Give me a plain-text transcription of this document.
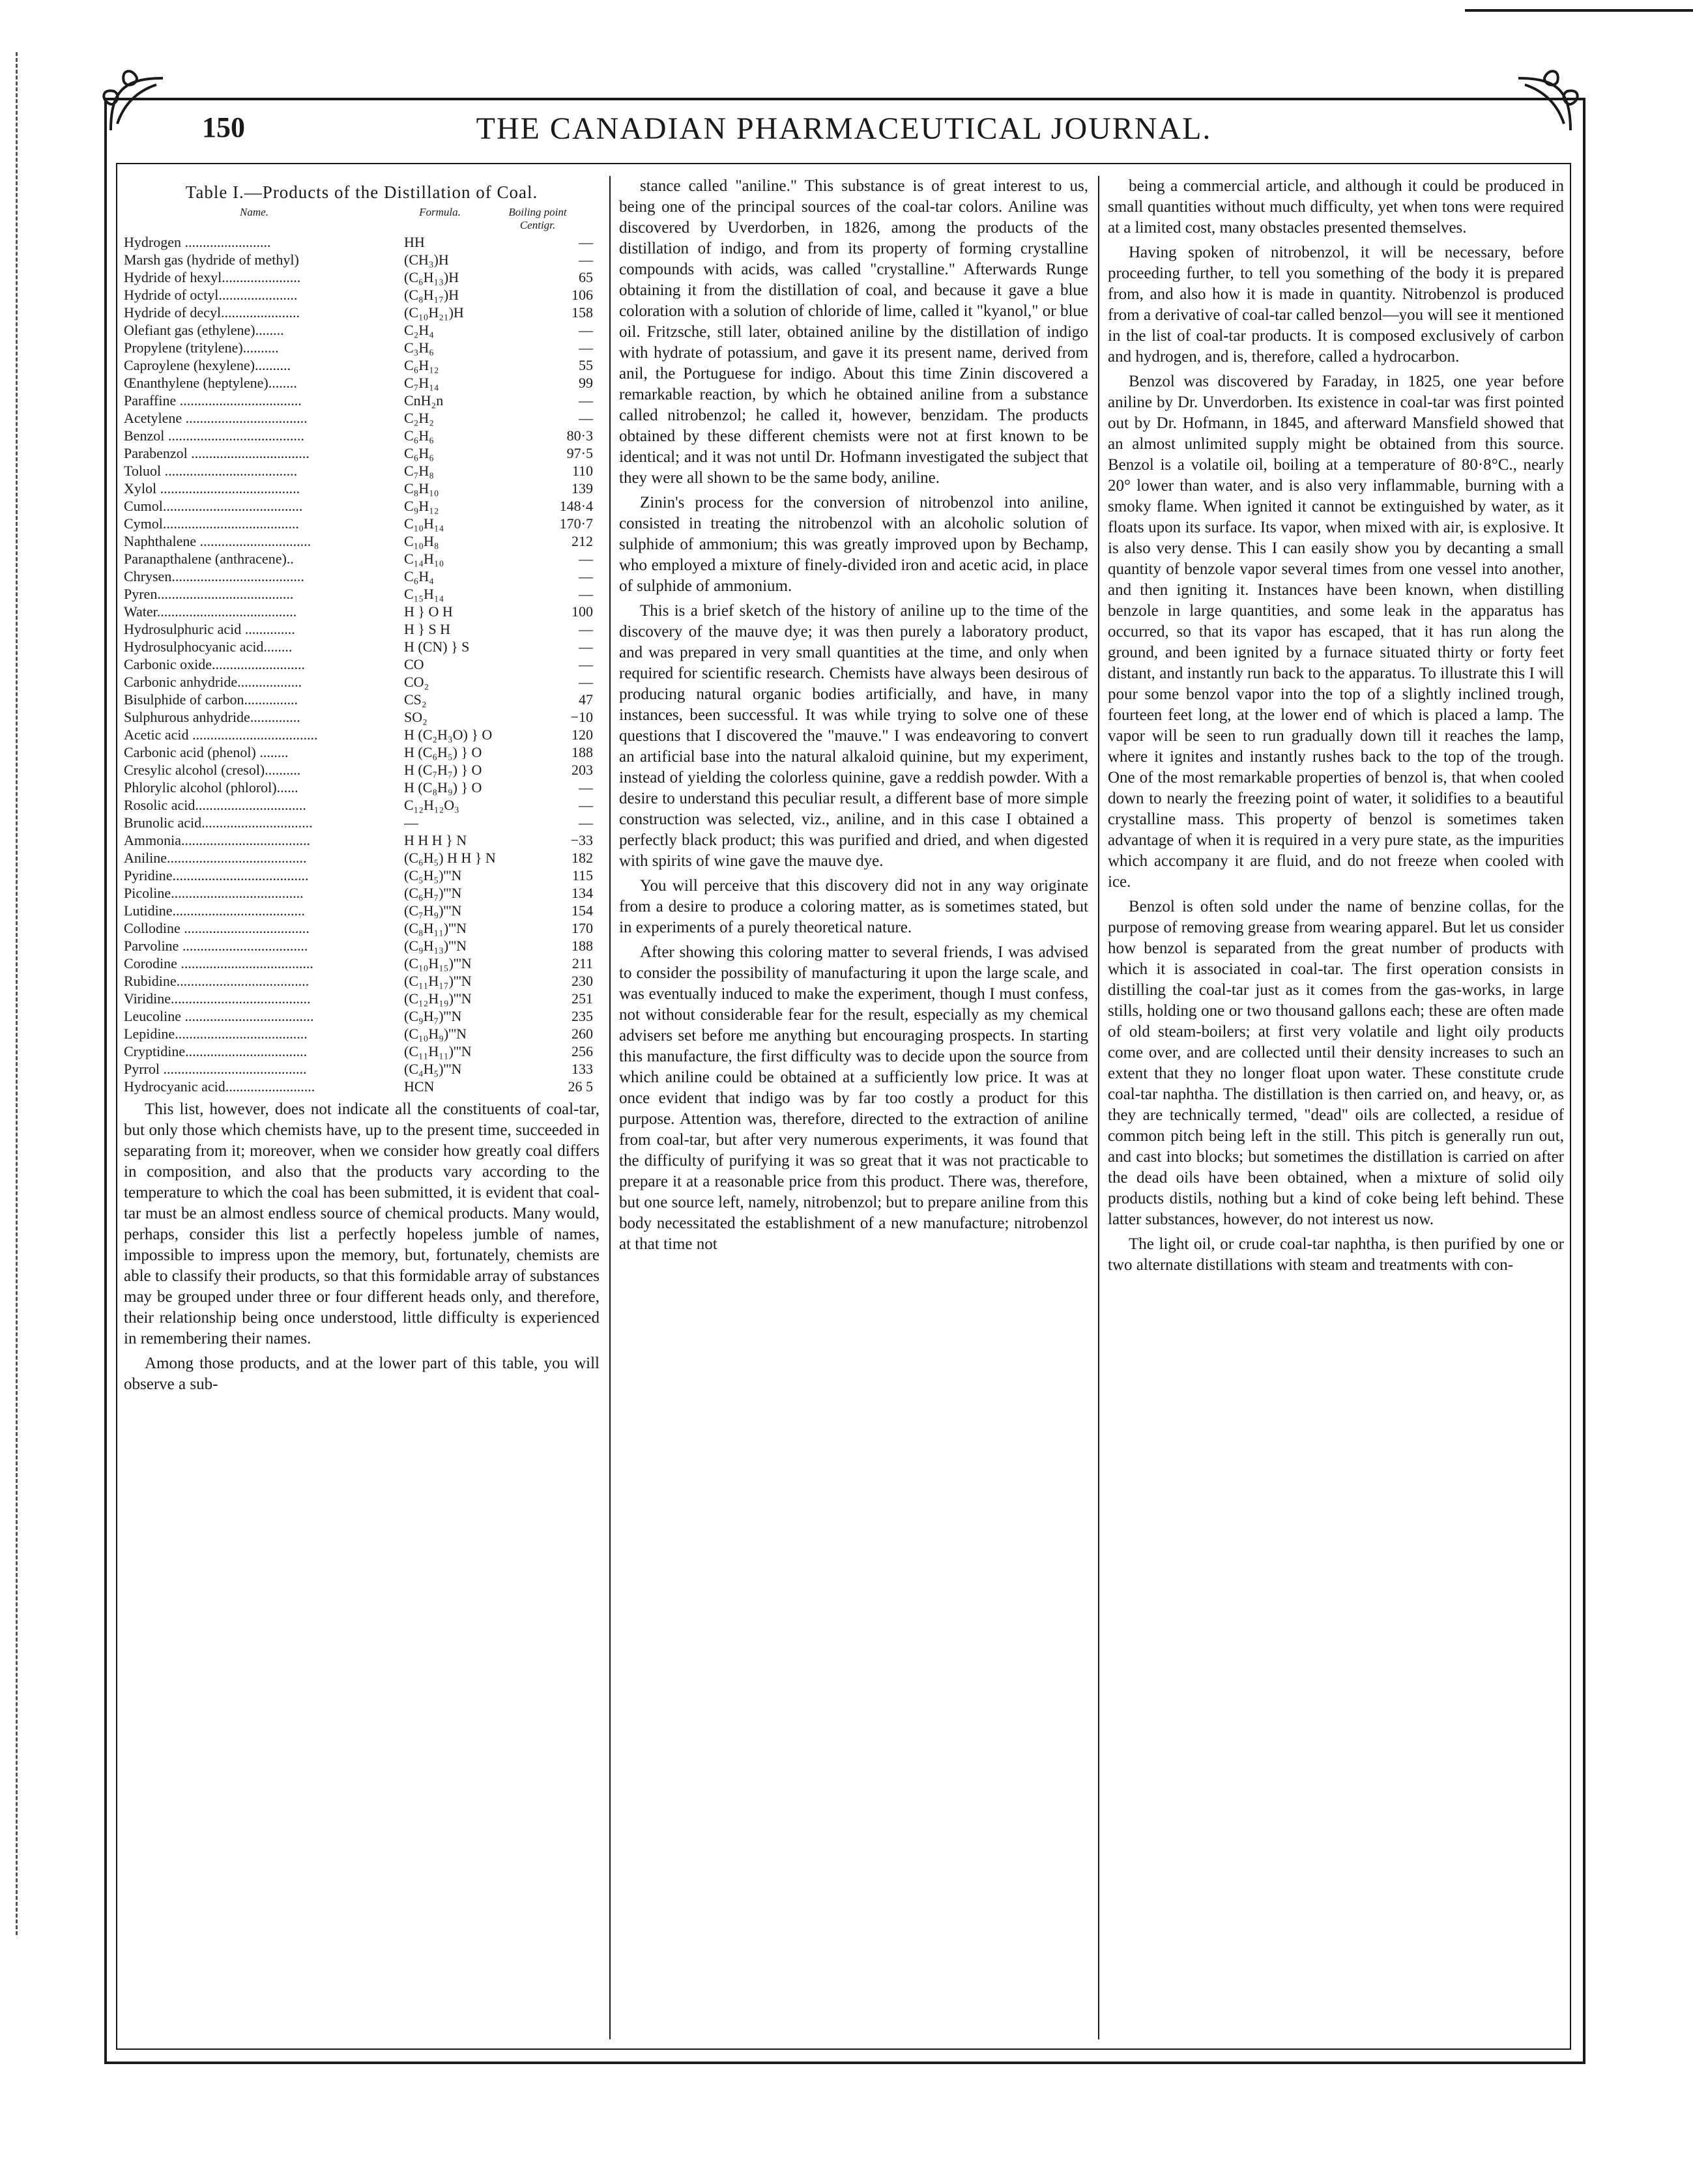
150	THE CANADIAN PHARMACEUTICAL JOURNAL.
Table I.—Products of the Distillation of Coal.
Name.	Formula.	Boiling point Centigr.
Hydrogen ........................	HH	—
Marsh gas (hydride of methyl)	(CH₃)H	—
Hydride of hexyl......................	(C₆H₁₃)H	65
Hydride of octyl......................	(C₈H₁₇)H	106
Hydride of decyl......................	(C₁₀H₂₁)H	158
Olefiant gas (ethylene)........	C₂H₄	—
Propylene (tritylene)..........	C₃H₆	—
Caproylene (hexylene)..........	C₆H₁₂	55
Œnanthylene (heptylene)........	C₇H₁₄	99
Paraffine ..................................	CnH₂n	—
Acetylene ..................................	C₂H₂	—
Benzol ......................................	C₆H₆	80·3
Parabenzol .................................	C₆H₆	97·5
Toluol .....................................	C₇H₈	110
Xylol .......................................	C₈H₁₀	139
Cumol.......................................	C₉H₁₂	148·4
Cymol......................................	C₁₀H₁₄	170·7
Naphthalene ...............................	C₁₀H₈	212
Paranapthalene (anthracene)..	C₁₄H₁₀	—
Chrysen.....................................	C₆H₄	—
Pyren......................................	C₁₅H₁₄	—
Water.......................................	H } O H	100
Hydrosulphuric acid ..............	H } S H	—
Hydrosulphocyanic acid........	H (CN) } S	—
Carbonic oxide..........................	CO	—
Carbonic anhydride..................	CO₂	—
Bisulphide of carbon...............	CS₂	47
Sulphurous anhydride..............	SO₂	−10
Acetic acid ...................................	H (C₂H₃O) } O	120
Carbonic acid (phenol) ........	H (C₆H₅) } O	188
Cresylic alcohol (cresol)..........	H (C₇H₇) } O	203
Phlorylic alcohol (phlorol)......	H (C₈H₉) } O	—
Rosolic acid...............................	C₁₂H₁₂O₃	—
Brunolic acid...............................	—	—
Ammonia....................................	H H H } N	−33
Aniline.......................................	(C₆H₅) H H } N	182
Pyridine......................................	(C₅H₅)'''N	115
Picoline.....................................	(C₆H₇)'''N	134
Lutidine.....................................	(C₇H₉)'''N	154
Collodine ...................................	(C₈H₁₁)'''N	170
Parvoline ...................................	(C₉H₁₃)'''N	188
Corodine .....................................	(C₁₀H₁₅)'''N	211
Rubidine.....................................	(C₁₁H₁₇)'''N	230
Viridine.......................................	(C₁₂H₁₉)'''N	251
Leucoline ....................................	(C₉H₇)'''N	235
Lepidine.....................................	(C₁₀H₉)'''N	260
Cryptidine..................................	(C₁₁H₁₁)'''N	256
Pyrrol ........................................	(C₄H₅)'''N	133
Hydrocyanic acid.........................	HCN	26 5

This list, however, does not indicate all the constituents of coal-tar, but only those which chemists have, up to the present time, succeeded in separating from it; moreover, when we consider how greatly coal differs in composition, and also that the products vary according to the temperature to which the coal has been submitted, it is evident that coal-tar must be an almost endless source of chemical products. Many would, perhaps, consider this list a perfectly hopeless jumble of names, impossible to impress upon the memory, but, fortunately, chemists are able to classify their products, so that this formidable array of substances may be grouped under three or four different heads only, and therefore, their relationship being once understood, little difficulty is experienced in remembering their names.

Among those products, and at the lower part of this table, you will observe a sub-

stance called "aniline." This substance is of great interest to us, being one of the principal sources of the coal-tar colors. Aniline was discovered by Uverdorben, in 1826, among the products of the distillation of indigo, and from its property of forming crystalline compounds with acids, was called "crystalline." Afterwards Runge obtaining it from the distillation of coal, and because it gave a blue coloration with a solution of chloride of lime, called it "kyanol," or blue oil. Fritzsche, still later, obtained aniline by the distillation of indigo with hydrate of potassium, and gave it its present name, derived from anil, the Portuguese for indigo. About this time Zinin discovered a remarkable reaction, by which he obtained aniline from a substance called nitrobenzol; he called it, however, benzidam. The products obtained by these different chemists were not at first known to be identical; and it was not until Dr. Hofmann investigated the subject that they were all shown to be the same body, aniline.

Zinin's process for the conversion of nitrobenzol into aniline, consisted in treating the nitrobenzol with an alcoholic solution of sulphide of ammonium; this was greatly improved upon by Bechamp, who employed a mixture of finely-divided iron and acetic acid, in place of sulphide of ammonium.

This is a brief sketch of the history of aniline up to the time of the discovery of the mauve dye; it was then purely a laboratory product, and was prepared in very small quantities at the time, and only when required for scientific research. Chemists have always been desirous of producing natural organic bodies artificially, and have, in many instances, been successful. It was while trying to solve one of these questions that I discovered the "mauve." I was endeavoring to convert an artificial base into the natural alkaloid quinine, but my experiment, instead of yielding the colorless quinine, gave a reddish powder. With a desire to understand this peculiar result, a different base of more simple construction was selected, viz., aniline, and in this case I obtained a perfectly black product; this was purified and dried, and when digested with spirits of wine gave the mauve dye.

You will perceive that this discovery did not in any way originate from a desire to produce a coloring matter, as is sometimes stated, but in experiments of a purely theoretical nature.

After showing this coloring matter to several friends, I was advised to consider the possibility of manufacturing it upon the large scale, and was eventually induced to make the experiment, though I must confess, not without considerable fear for the result, especially as my chemical advisers set before me anything but encouraging prospects. In starting this manufacture, the first difficulty was to decide upon the source from which aniline could be obtained at a sufficiently low price. It was at once evident that indigo was by far too costly a product for this purpose. Attention was, therefore, directed to the extraction of aniline from coal-tar, but after very numerous experiments, it was found that the difficulty of purifying it was so great that it was not practicable to prepare it at a reasonable price from this product. There was, therefore, but one source left, namely, nitrobenzol; but to prepare aniline from this body necessitated the establishment of a new manufacture; nitrobenzol at that time not

being a commercial article, and although it could be produced in small quantities without much difficulty, yet when tons were required at a limited cost, many obstacles presented themselves.

Having spoken of nitrobenzol, it will be necessary, before proceeding further, to tell you something of the body it is prepared from, and also how it is made in quantity. Nitrobenzol is produced from a derivative of coal-tar called benzol—you will see it mentioned in the list of coal-tar products. It is composed exclusively of carbon and hydrogen, and is, therefore, called a hydrocarbon.

Benzol was discovered by Faraday, in 1825, one year before aniline by Dr. Unverdorben. Its existence in coal-tar was first pointed out by Dr. Hofmann, in 1845, and afterward Mansfield showed that an almost unlimited supply might be obtained from this source. Benzol is a volatile oil, boiling at a temperature of 80·8°C., nearly 20° lower than water, and is also very inflammable, burning with a smoky flame. When ignited it cannot be extinguished by water, as it floats upon its surface. Its vapor, when mixed with air, is explosive. It is also very dense. This I can easily show you by decanting a small quantity of benzole vapor several times from one vessel into another, and then igniting it. Instances have been known, when distilling benzole in large quantities, and some leak in the apparatus has occurred, so that its vapor has escaped, that it has run along the ground, and been ignited by a furnace situated thirty or forty feet distant, and instantly run back to the apparatus. To illustrate this I will pour some benzol vapor into the top of a slightly inclined trough, fourteen feet long, at the lower end of which is placed a lamp. The vapor will be seen to run gradually down till it reaches the lamp, where it ignites and instantly rushes back to the top of the trough. One of the most remarkable properties of benzol is, that when cooled down to nearly the freezing point of water, it solidifies to a beautiful crystalline mass. This property of benzol is sometimes taken advantage of when it is required in a very pure state, as the impurities which accompany it are fluid, and do not freeze when cooled with ice.

Benzol is often sold under the name of benzine collas, for the purpose of removing grease from wearing apparel. But let us consider how benzol is separated from the great number of products with which it is associated in coal-tar. The first operation consists in distilling the coal-tar just as it comes from the gas-works, in large stills, holding one or two thousand gallons each; these are often made of old steam-boilers; at first very volatile and light oily products come over, and are collected until their density increases to such an extent that they no longer float upon water. These constitute crude coal-tar naphtha. The distillation is then carried on, and heavy, or, as they are technically termed, "dead" oils are collected, a residue of common pitch being left in the still. This pitch is generally run out, and cast into blocks; but sometimes the distillation is carried on after the dead oils have been obtained, when a mixture of solid oily products distils, nothing but a kind of coke being left behind. These latter substances, however, do not interest us now.

The light oil, or crude coal-tar naphtha, is then purified by one or two alternate distillations with steam and treatments with con-
